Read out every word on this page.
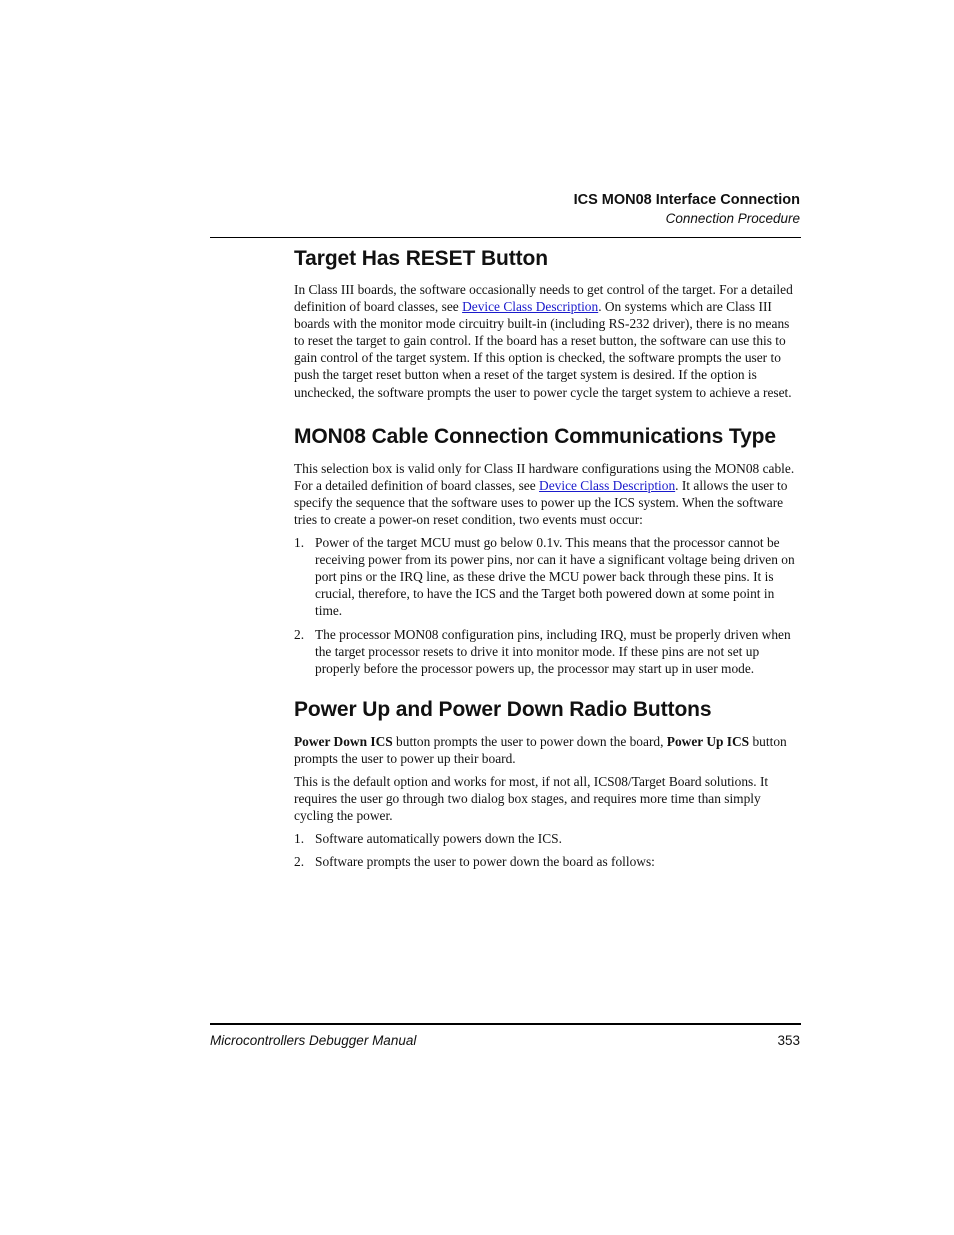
ICS MON08 Interface Connection
Connection Procedure
Target Has RESET Button

In Class III boards, the software occasionally needs to get control of the target. For a detailed definition of board classes, see Device Class Description. On systems which are Class III boards with the monitor mode circuitry built-in (including RS-232 driver), there is no means to reset the target to gain control. If the board has a reset button, the software can use this to gain control of the target system. If this option is checked, the software prompts the user to push the target reset button when a reset of the target system is desired. If the option is unchecked, the software prompts the user to power cycle the target system to achieve a reset.

MON08 Cable Connection Communications Type

This selection box is valid only for Class II hardware configurations using the MON08 cable. For a detailed definition of board classes, see Device Class Description. It allows the user to specify the sequence that the software uses to power up the ICS system. When the software tries to create a power-on reset condition, two events must occur:

1. Power of the target MCU must go below 0.1v. This means that the processor cannot be receiving power from its power pins, nor can it have a significant voltage being driven on port pins or the IRQ line, as these drive the MCU power back through these pins. It is crucial, therefore, to have the ICS and the Target both powered down at some point in time.
2. The processor MON08 configuration pins, including IRQ, must be properly driven when the target processor resets to drive it into monitor mode. If these pins are not set up properly before the processor powers up, the processor may start up in user mode.
Power Up and Power Down Radio Buttons

Power Down ICS button prompts the user to power down the board, Power Up ICS button prompts the user to power up their board.

This is the default option and works for most, if not all, ICS08/Target Board solutions. It requires the user go through two dialog box stages, and requires more time than simply cycling the power.

1. Software automatically powers down the ICS.
2. Software prompts the user to power down the board as follows:
Microcontrollers Debugger Manual	353
